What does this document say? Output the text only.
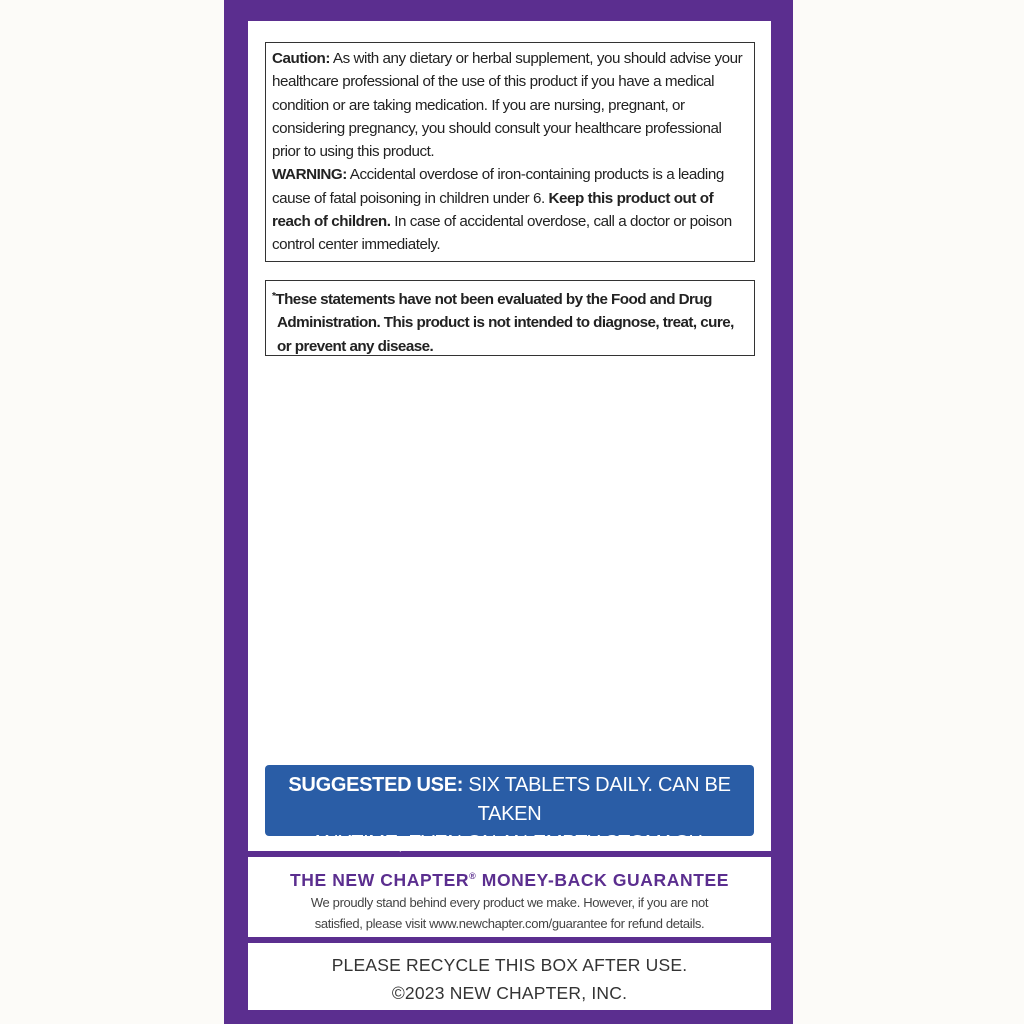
Caution: As with any dietary or herbal supplement, you should advise your healthcare professional of the use of this product if you have a medical condition or are taking medication. If you are nursing, pregnant, or considering pregnancy, you should consult your healthcare professional prior to using this product.

WARNING: Accidental overdose of iron-containing products is a leading cause of fatal poisoning in children under 6. Keep this product out of reach of children. In case of accidental overdose, call a doctor or poison control center immediately.

*These statements have not been evaluated by the Food and Drug Administration. This product is not intended to diagnose, treat, cure, or prevent any disease.

SUGGESTED USE: SIX TABLETS DAILY. CAN BE TAKEN
ANYTIME, EVEN ON AN EMPTY STOMACH.
THE NEW CHAPTER® MONEY-BACK GUARANTEE
We proudly stand behind every product we make. However, if you are not
satisfied, please visit www.newchapter.com/guarantee for refund details.
PLEASE RECYCLE THIS BOX AFTER USE.
©2023 NEW CHAPTER, INC.
